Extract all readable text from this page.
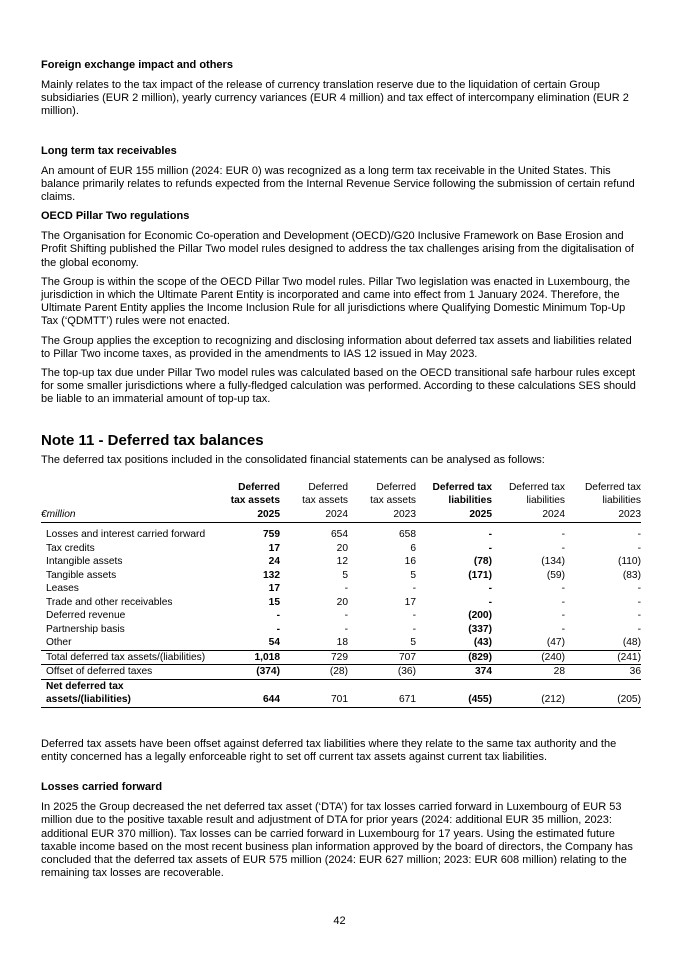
Foreign exchange impact and others

Mainly relates to the tax impact of the release of currency translation reserve due to the liquidation of certain Group subsidiaries (EUR 2 million), yearly currency variances (EUR 4 million) and tax effect of intercompany elimination (EUR 2 million).

Long term tax receivables

An amount of EUR 155 million (2024: EUR 0) was recognized as a long term tax receivable in the United States. This balance primarily relates to refunds expected from the Internal Revenue Service following the submission of certain refund claims.

OECD Pillar Two regulations

The Organisation for Economic Co-operation and Development (OECD)/G20 Inclusive Framework on Base Erosion and Profit Shifting published the Pillar Two model rules designed to address the tax challenges arising from the digitalisation of the global economy.

The Group is within the scope of the OECD Pillar Two model rules. Pillar Two legislation was enacted in Luxembourg, the jurisdiction in which the Ultimate Parent Entity is incorporated and came into effect from 1 January 2024. Therefore, the Ultimate Parent Entity applies the Income Inclusion Rule for all jurisdictions where Qualifying Domestic Minimum Top-Up Tax (‘QDMTT’) rules were not enacted.

The Group applies the exception to recognizing and disclosing information about deferred tax assets and liabilities related to Pillar Two income taxes, as provided in the amendments to IAS 12 issued in May 2023.

The top-up tax due under Pillar Two model rules was calculated based on the OECD transitional safe harbour rules except for some smaller jurisdictions where a fully-fledged calculation was performed. According to these calculations SES should be liable to an immaterial amount of top-up tax.

Note 11 - Deferred tax balances

The deferred tax positions included in the consolidated financial statements can be analysed as follows:

	Deferred	Deferred	Deferred	Deferred tax	Deferred tax	Deferred tax
	tax assets	tax assets	tax assets	liabilities	liabilities	liabilities
€million	2025	2024	2023	2025	2024	2023

Losses and interest carried forward	759	654	658	-	-	-
Tax credits	17	20	6	-	-	-
Intangible assets	24	12	16	(78)	(134)	(110)
Tangible assets	132	5	5	(171)	(59)	(83)
Leases	17	-	-	-	-	-
Trade and other receivables	15	20	17	-	-	-
Deferred revenue	-	-	-	(200)	-	-
Partnership basis	-	-	-	(337)	-	-
Other	54	18	5	(43)	(47)	(48)
Total deferred tax assets/(liabilities)	1,018	729	707	(829)	(240)	(241)
Offset of deferred taxes	(374)	(28)	(36)	374	28	36

Net deferred tax
assets/(liabilities)	644	701	671	(455)	(212)	(205)

Deferred tax assets have been offset against deferred tax liabilities where they relate to the same tax authority and the entity concerned has a legally enforceable right to set off current tax assets against current tax liabilities.

Losses carried forward

In 2025 the Group decreased the net deferred tax asset (‘DTA’) for tax losses carried forward in Luxembourg of EUR 53 million due to the positive taxable result and adjustment of DTA for prior years (2024: additional EUR 35 million, 2023: additional EUR 370 million). Tax losses can be carried forward in Luxembourg for 17 years. Using the estimated future taxable income based on the most recent business plan information approved by the board of directors, the Company has concluded that the deferred tax assets of EUR 575 million (2024: EUR 627 million; 2023: EUR 608 million) relating to the remaining tax losses are recoverable.

42
